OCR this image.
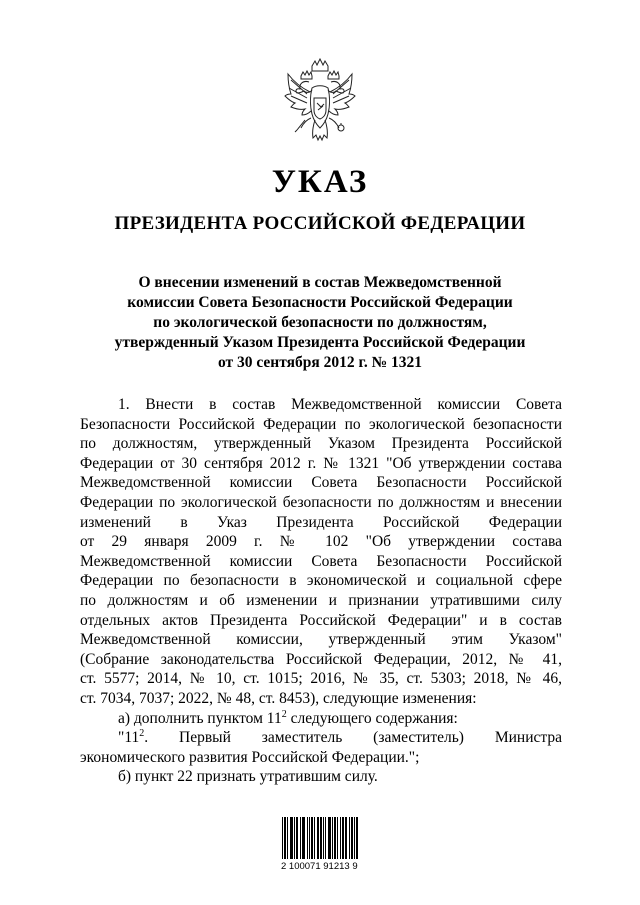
УКАЗ
ПРЕЗИДЕНТА РОССИЙСКОЙ ФЕДЕРАЦИИ
О внесении изменений в состав Межведомственной
комиссии Совета Безопасности Российской Федерации
по экологической безопасности по должностям,
утвержденный Указом Президента Российской Федерации
от 30 сентября 2012 г. № 1321
1. Внести в состав Межведомственной комиссии Совета
Безопасности Российской Федерации по экологической безопасности
по должностям, утвержденный Указом Президента Российской
Федерации от 30 сентября 2012 г. № 1321 "Об утверждении состава
Межведомственной комиссии Совета Безопасности Российской
Федерации по экологической безопасности по должностям и внесении
изменений в Указ Президента Российской Федерации
от 29 января 2009 г. № 102 "Об утверждении состава
Межведомственной комиссии Совета Безопасности Российской
Федерации по безопасности в экономической и социальной сфере
по должностям и об изменении и признании утратившими силу
отдельных актов Президента Российской Федерации" и в состав
Межведомственной комиссии, утвержденный этим Указом"
(Собрание законодательства Российской Федерации, 2012, № 41,
ст. 5577; 2014, № 10, ст. 1015; 2016, № 35, ст. 5303; 2018, № 46,
ст. 7034, 7037; 2022, № 48, ст. 8453), следующие изменения:
а) дополнить пунктом $11^2$ следующего содержания:
"$11^2$. Первый заместитель (заместитель) Министра
экономического развития Российской Федерации.";
б) пункт 22 признать утратившим силу.
2 100071 91213 9
